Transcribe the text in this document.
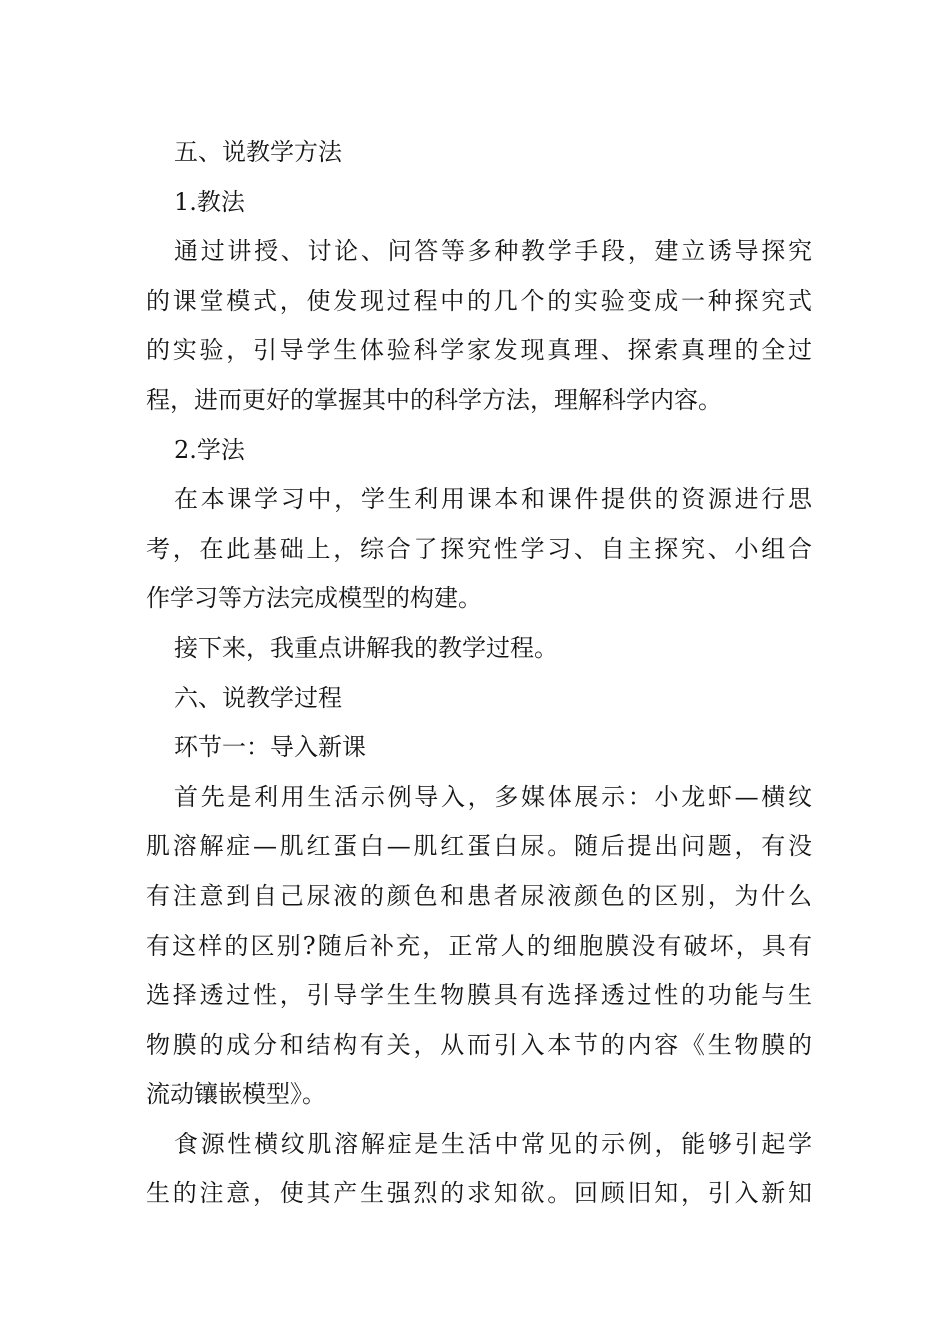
五、说教学方法
1.教法
通过讲授、讨论、问答等多种教学手段，建立诱导探究
的课堂模式，使发现过程中的几个的实验变成一种探究式
的实验，引导学生体验科学家发现真理、探索真理的全过
程，进而更好的掌握其中的科学方法，理解科学内容。
2.学法
在本课学习中，学生利用课本和课件提供的资源进行思
考，在此基础上，综合了探究性学习、自主探究、小组合
作学习等方法完成模型的构建。
接下来，我重点讲解我的教学过程。
六、说教学过程
环节一：导入新课
首先是利用生活示例导入，多媒体展示：小龙虾—横纹
肌溶解症—肌红蛋白—肌红蛋白尿。随后提出问题，有没
有注意到自己尿液的颜色和患者尿液颜色的区别，为什么
有这样的区别?随后补充，正常人的细胞膜没有破坏，具有
选择透过性，引导学生生物膜具有选择透过性的功能与生
物膜的成分和结构有关，从而引入本节的内容《生物膜的
流动镶嵌模型》。
食源性横纹肌溶解症是生活中常见的示例，能够引起学
生的注意，使其产生强烈的求知欲。回顾旧知，引入新知
